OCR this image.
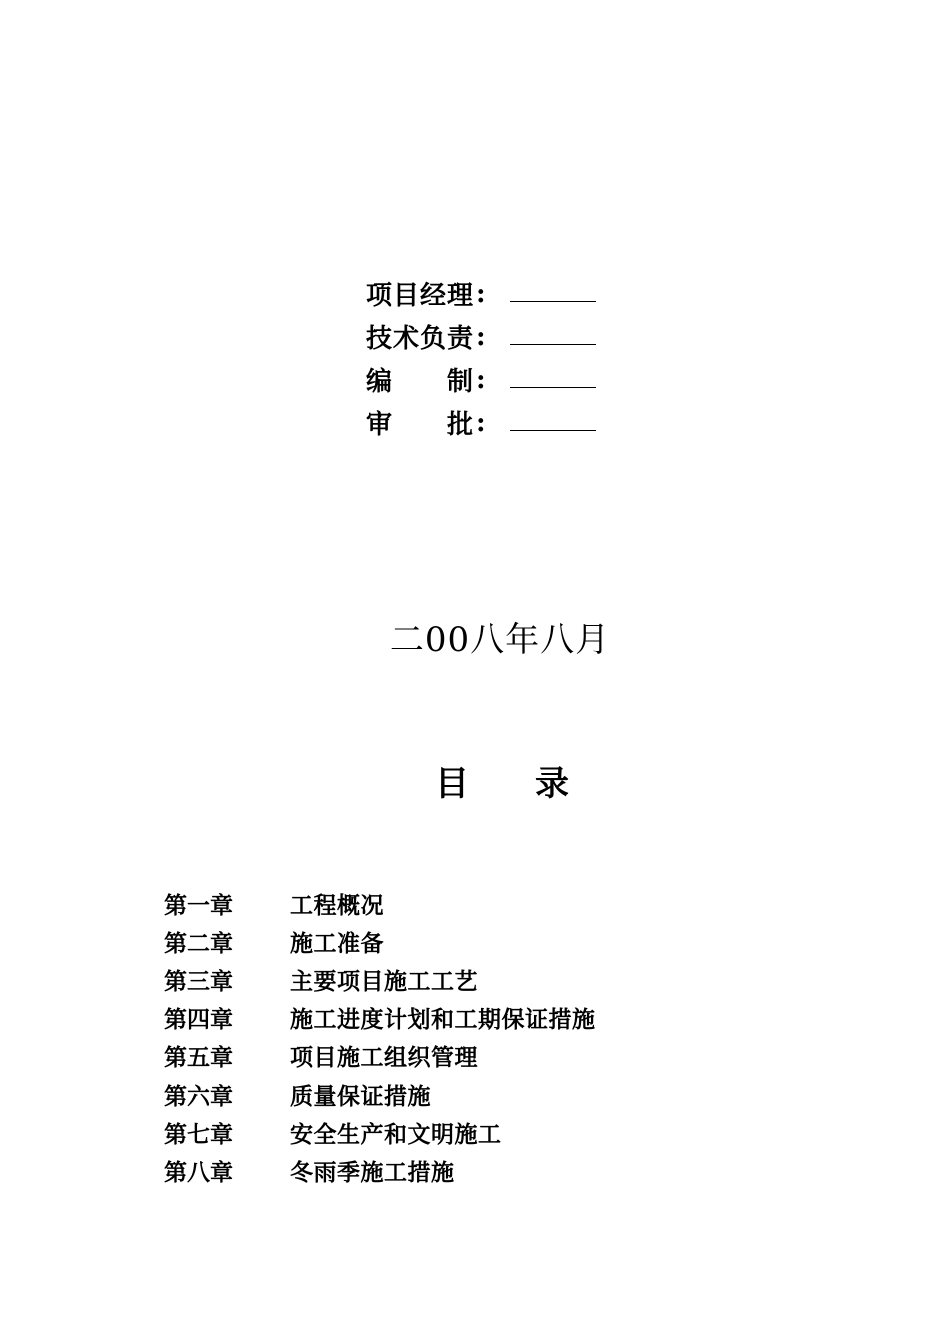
项目经理 :
技术负责 :
编　　制 :
审　　批 :
二00八年八月
目 录
第一章	工程概况
第二章	施工准备
第三章	主要项目施工工艺
第四章	施工进度计划和工期保证措施
第五章	项目施工组织管理
第六章	质量保证措施
第七章	安全生产和文明施工
第八章	冬雨季施工措施
